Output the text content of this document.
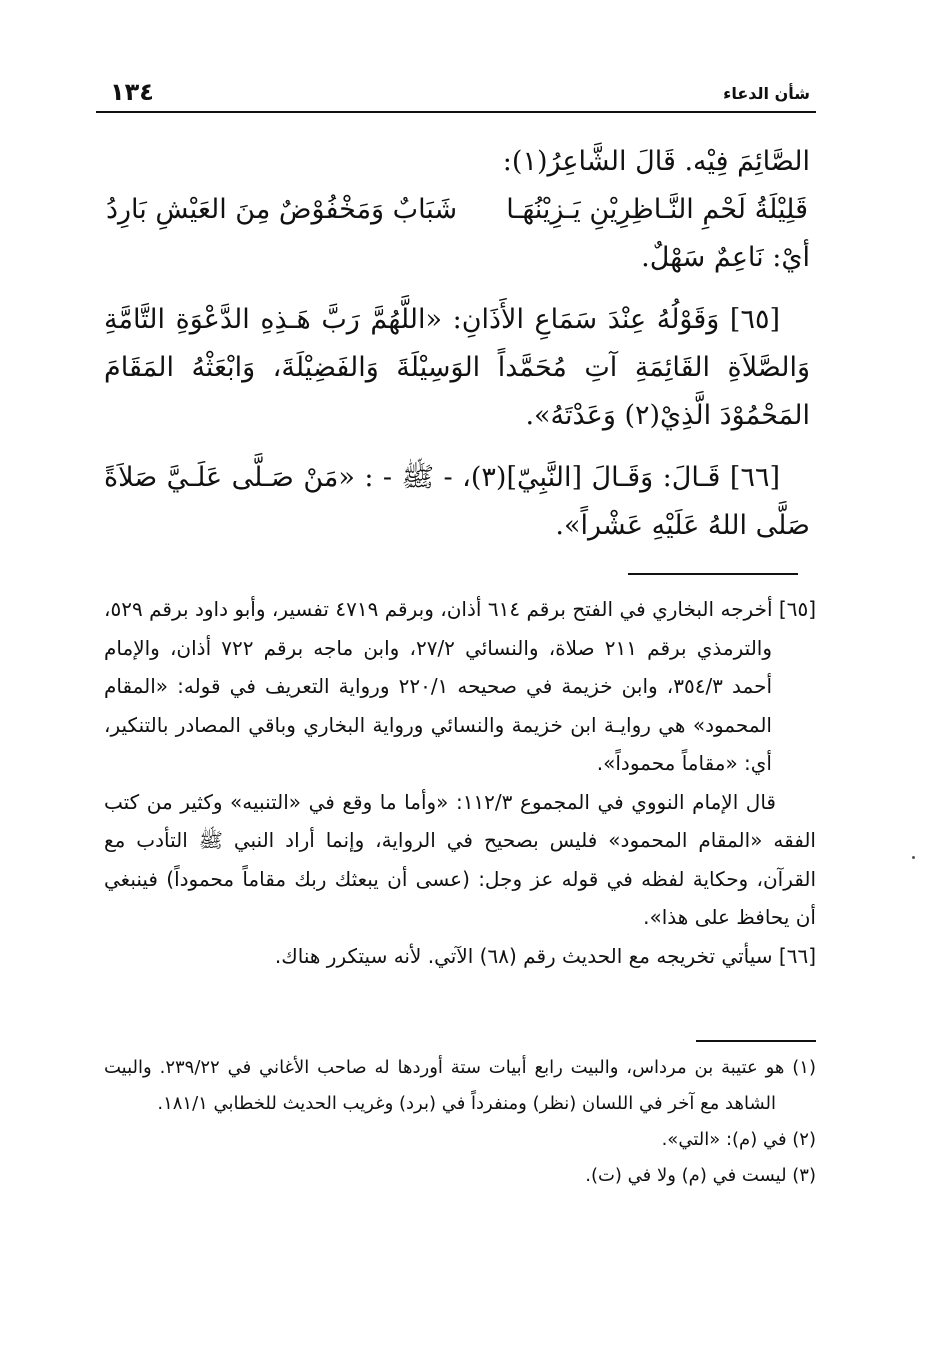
١٣٤	شأن الدعاء

الصَّائِمَ فِيْه. قَالَ الشَّاعِرُ(١):

قَلِيْلَةُ لَحْمِ النَّـاظِرِيْنِ يَـزِيْنُهَـا
شَبَابٌ وَمَخْفُوْضٌ مِنَ العَيْشِ بَارِدُ

أيْ: نَاعِمٌ سَهْلٌ.

[٦٥] وَقَوْلُهُ عِنْدَ سَمَاعِ الأَذَانِ: «اللَّهُمَّ رَبَّ هَـذِهِ الدَّعْوَةِ التَّامَّةِ وَالصَّلاَةِ القَائِمَةِ آتِ مُحَمَّداً الوَسِيْلَةَ وَالفَضِيْلَةَ، وَابْعَثْهُ المَقَامَ المَحْمُوْدَ الَّذِيْ(٢) وَعَدْتَهُ».

[٦٦] قَـالَ: وَقَـالَ [النَّبِيّ](٣)، - ﷺ - : «مَنْ صَـلَّى عَلَـيَّ صَلاَةً صَلَّى اللهُ عَلَيْهِ عَشْراً».

[٦٥] أخرجه البخاري في الفتح برقم ٦١٤ أذان، وبرقم ٤٧١٩ تفسير، وأبو داود برقم ٥٢٩، والترمذي برقم ٢١١ صلاة، والنسائي ٢٧/٢، وابن ماجه برقم ٧٢٢ أذان، والإمام أحمد ٣٥٤/٣، وابن خزيمة في صحيحه ٢٢٠/١ ورواية التعريف في قوله: «المقام المحمود» هي روايـة ابن خزيمة والنسائي ورواية البخاري وباقي المصادر بالتنكير، أي: «مقاماً محموداً».

قال الإمام النووي في المجموع ١١٢/٣: «وأما ما وقع في «التنبيه» وكثير من كتب الفقه «المقام المحمود» فليس بصحيح في الرواية، وإنما أراد النبي ﷺ التأدب مع القرآن، وحكاية لفظه في قوله عز وجل: (عسى أن يبعثك ربك مقاماً محموداً) فينبغي أن يحافظ على هذا».

[٦٦] سيأتي تخريجه مع الحديث رقم (٦٨) الآتي. لأنه سيتكرر هناك.

(١) هو عتيبة بن مرداس، والبيت رابع أبيات ستة أوردها له صاحب الأغاني في ٢٣٩/٢٢. والبيت الشاهد مع آخر في اللسان (نظر) ومنفرداً في (برد) وغريب الحديث للخطابي ١٨١/١.

(٢) في (م): «التي».

(٣) ليست في (م) ولا في (ت).
